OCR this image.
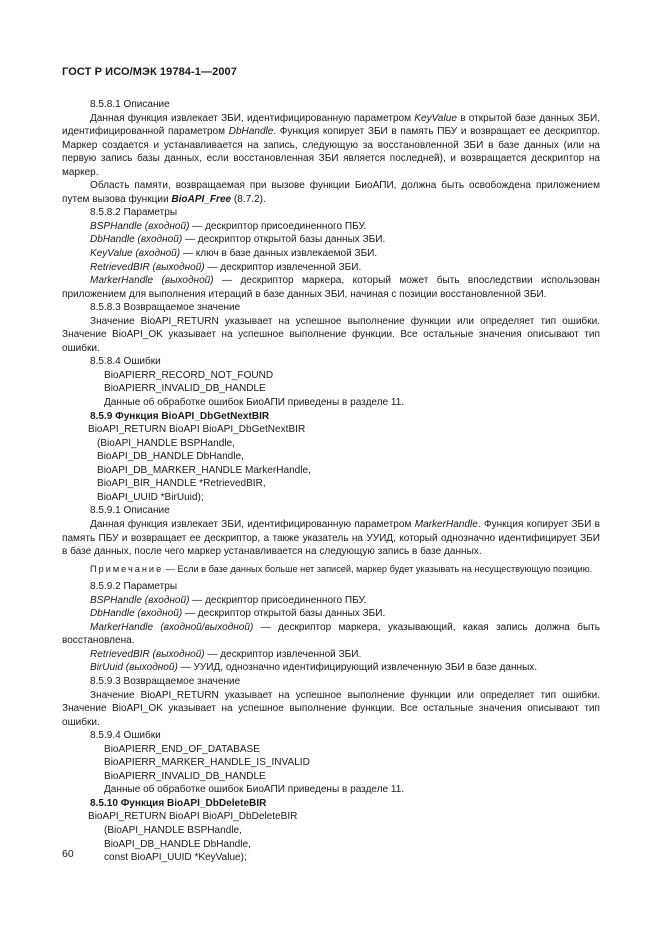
ГОСТ Р ИСО/МЭК 19784-1—2007

8.5.8.1 Описание

Данная функция извлекает ЗБИ, идентифицированную параметром KeyValue в открытой базе данных ЗБИ, идентифицированной параметром DbHandle. Функция копирует ЗБИ в память ПБУ и возвращает ее дескриптор. Маркер создается и устанавливается на запись, следующую за восстановленной ЗБИ в базе данных (или на первую запись базы данных, если восстановленная ЗБИ является последней), и возвращается дескриптор на маркер.

Область памяти, возвращаемая при вызове функции БиоАПИ, должна быть освобождена приложением путем вызова функции BioAPI_Free (8.7.2).

8.5.8.2 Параметры

BSPHandle (входной) — дескриптор присоединенного ПБУ.

DbHandle (входной) — дескриптор открытой базы данных ЗБИ.

KeyValue (входной) — ключ в базе данных извлекаемой ЗБИ.

RetrievedBIR (выходной) — дескриптор извлеченной ЗБИ.

MarkerHandle (выходной) — дескриптор маркера, который может быть впоследствии использован приложением для выполнения итераций в базе данных ЗБИ, начиная с позиции восстановленной ЗБИ.

8.5.8.3 Возвращаемое значение

Значение BioAPI_RETURN указывает на успешное выполнение функции или определяет тип ошибки. Значение BioAPI_OK указывает на успешное выполнение функции. Все остальные значения описывают тип ошибки.

8.5.8.4 Ошибки

BioAPIERR_RECORD_NOT_FOUND

BioAPIERR_INVALID_DB_HANDLE

Данные об обработке ошибок БиоАПИ приведены в разделе 11.

8.5.9 Функция BioAPI_DbGetNextBIR

BioAPI_RETURN BioAPI BioAPI_DbGetNextBIR

(BioAPI_HANDLE BSPHandle,

BioAPI_DB_HANDLE DbHandle,

BioAPI_DB_MARKER_HANDLE MarkerHandle,

BioAPI_BIR_HANDLE *RetrievedBIR,

BioAPI_UUID *BirUuid);

8.5.9.1 Описание

Данная функция извлекает ЗБИ, идентифицированную параметром MarkerHandle. Функция копирует ЗБИ в память ПБУ и возвращает ее дескриптор, а также указатель на УУИД, который однозначно идентифицирует ЗБИ в базе данных, после чего маркер устанавливается на следующую запись в базе данных.

Примечание — Если в базе данных больше нет записей, маркер будет указывать на несуществующую позицию.

8.5.9.2 Параметры

BSPHandle (входной) — дескриптор присоединенного ПБУ.

DbHandle (входной) — дескриптор открытой базы данных ЗБИ.

MarkerHandle (входной/выходной) — дескриптор маркера, указывающий, какая запись должна быть восстановлена.

RetrievedBIR (выходной) — дескриптор извлеченной ЗБИ.

BirUuid (выходной) — УУИД, однозначно идентифицирующий извлеченную ЗБИ в базе данных.

8.5.9.3 Возвращаемое значение

Значение BioAPI_RETURN указывает на успешное выполнение функции или определяет тип ошибки. Значение BioAPI_OK указывает на успешное выполнение функции. Все остальные значения описывают тип ошибки.

8.5.9.4 Ошибки

BioAPIERR_END_OF_DATABASE

BioAPIERR_MARKER_HANDLE_IS_INVALID

BioAPIERR_INVALID_DB_HANDLE

Данные об обработке ошибок БиоАПИ приведены в разделе 11.

8.5.10 Функция BioAPI_DbDeleteBIR

BioAPI_RETURN BioAPI BioAPI_DbDeleteBIR

(BioAPI_HANDLE BSPHandle,

BioAPI_DB_HANDLE DbHandle,

const BioAPI_UUID *KeyValue);

60
